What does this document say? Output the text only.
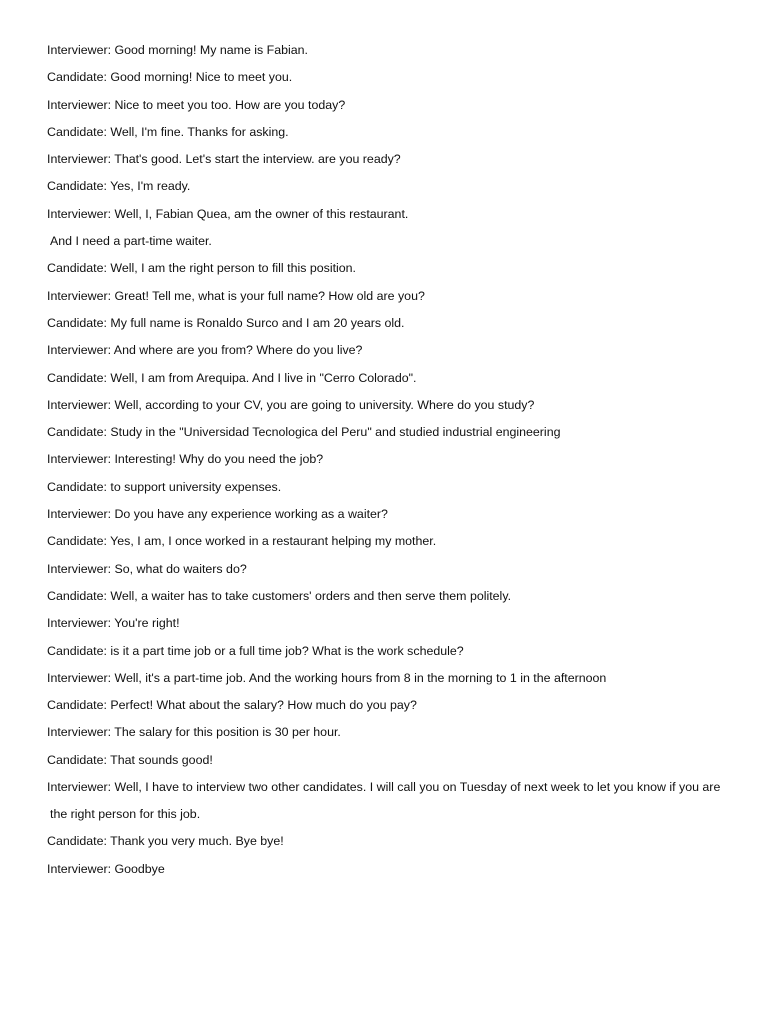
Interviewer: Good morning! My name is Fabian.
Candidate: Good morning! Nice to meet you.
Interviewer: Nice to meet you too. How are you today?
Candidate: Well, I'm fine. Thanks for asking.
Interviewer: That's good. Let's start the interview. are you ready?
Candidate: Yes, I'm ready.
Interviewer: Well, I, Fabian Quea, am the owner of this restaurant.
And I need a part-time waiter.
Candidate: Well, I am the right person to fill this position.
Interviewer: Great! Tell me, what is your full name? How old are you?
Candidate: My full name is Ronaldo Surco and I am 20 years old.
Interviewer: And where are you from? Where do you live?
Candidate: Well, I am from Arequipa. And I live in "Cerro Colorado".
Interviewer: Well, according to your CV, you are going to university. Where do you study?
Candidate: Study in the "Universidad Tecnologica del Peru" and studied industrial engineering
Interviewer: Interesting! Why do you need the job?
Candidate: to support university expenses.
Interviewer: Do you have any experience working as a waiter?
Candidate: Yes, I am, I once worked in a restaurant helping my mother.
Interviewer: So, what do waiters do?
Candidate: Well, a waiter has to take customers' orders and then serve them politely.
Interviewer: You're right!
Candidate: is it a part time job or a full time job? What is the work schedule?
Interviewer: Well, it's a part-time job. And the working hours from 8 in the morning to 1 in the afternoon
Candidate: Perfect! What about the salary? How much do you pay?
Interviewer: The salary for this position is 30 per hour.
Candidate: That sounds good!
Interviewer: Well, I have to interview two other candidates. I will call you on Tuesday of next week to let you know if you are
the right person for this job.
Candidate: Thank you very much. Bye bye!
Interviewer: Goodbye
